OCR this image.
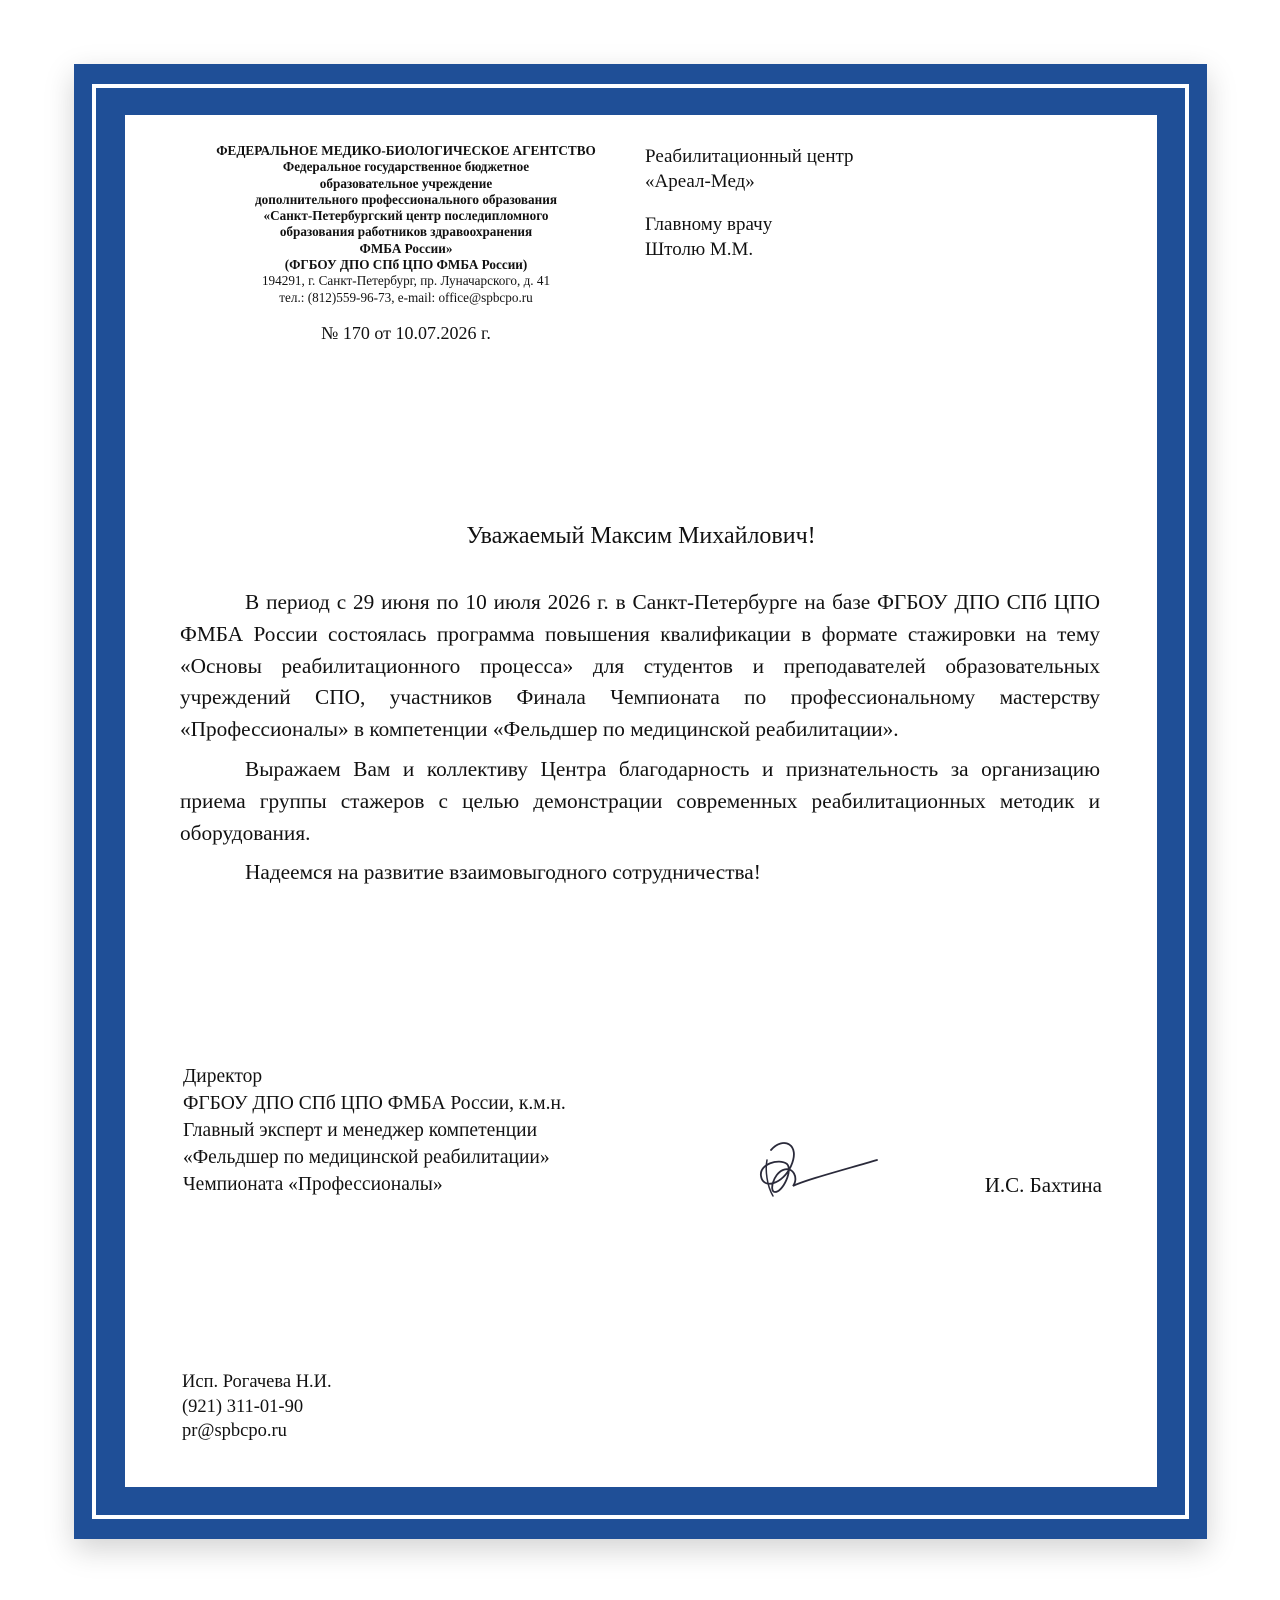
ФЕДЕРАЛЬНОЕ МЕДИКО-БИОЛОГИЧЕСКОЕ АГЕНТСТВО
Федеральное государственное бюджетное
образовательное учреждение
дополнительного профессионального образования
«Санкт-Петербургский центр последипломного
образования работников здравоохранения
ФМБА России»
(ФГБОУ ДПО СПб ЦПО ФМБА России)
194291, г. Санкт-Петербург, пр. Луначарского, д. 41
тел.: (812)559-96-73, e-mail: office@spbcpo.ru
№ 170 от 10.07.2026 г.
Реабилитационный центр
«Ареал-Мед»
Главному врачу
Штолю М.М.
Уважаемый Максим Михайлович!

В период с 29 июня по 10 июля 2026 г. в Санкт-Петербурге на базе ФГБОУ ДПО СПб ЦПО ФМБА России состоялась программа повышения квалификации в формате стажировки на тему «Основы реабилитационного процесса» для студентов и преподавателей образовательных учреждений СПО, участников Финала Чемпионата по профессиональному мастерству «Профессионалы» в компетенции «Фельдшер по медицинской реабилитации».

Выражаем Вам и коллективу Центра благодарность и признательность за организацию приема группы стажеров с целью демонстрации современных реабилитационных методик и оборудования.

Надеемся на развитие взаимовыгодного сотрудничества!

Директор
ФГБОУ ДПО СПб ЦПО ФМБА России, к.м.н.
Главный эксперт и менеджер компетенции
«Фельдшер по медицинской реабилитации»
Чемпионата «Профессионалы»	И.С. Бахтина
Исп. Рогачева Н.И.
(921) 311-01-90
pr@spbcpo.ru
